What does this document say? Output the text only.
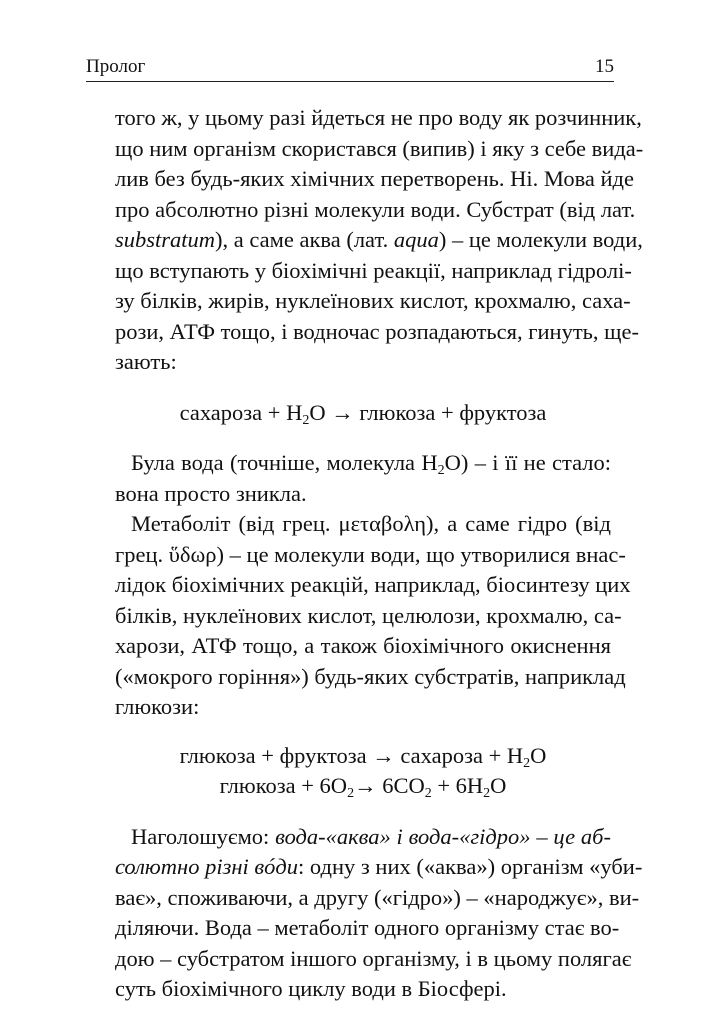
Пролог	15
того ж, у цьому разі йдеться не про воду як розчинник,
що ним організм скористався (випив) і яку з себе вида-
лив без будь-яких хімічних перетворень. Ні. Мова йде
про абсолютно різні молекули води. Субстрат (від лат.
substratum), а саме аква (лат. aqua) – це молекули води,
що вступають у біохімічні реакції, наприклад гідролі-
зу білків, жирів, нуклеїнових кислот, крохмалю, саха-
рози, АТФ тощо, і водночас розпадаються, гинуть, ще-
зають:
сахароза + $H_2O$ → глюкоза + фруктоза
Була вода (точніше, молекула $H_2O$) – і її не стало:
вона просто зникла.
Метаболіт (від грец. μεταβολη), а саме гідро (від
грец. ὕδωρ) – це молекули води, що утворилися внас-
лідок біохімічних реакцій, наприклад, біосинтезу цих
білків, нуклеїнових кислот, целюлози, крохмалю, са-
харози, АТФ тощо, а також біохімічного окиснення
(«мокрого горіння») будь-яких субстратів, наприклад
глюкози:
глюкоза + фруктоза → сахароза + $H_2O$
глюкоза + $6O_2\to 6CO_2 + 6H_2O$
Наголошуємо: вода-«аква» і вода-«гідро» – це аб-
солютно різні вóди: одну з них («аква») організм «уби-
ває», споживаючи, а другу («гідро») – «народжує», ви-
діляючи. Вода – метаболіт одного організму стає во-
дою – субстратом іншого організму, і в цьому полягає
суть біохімічного циклу води в Біосфері.
